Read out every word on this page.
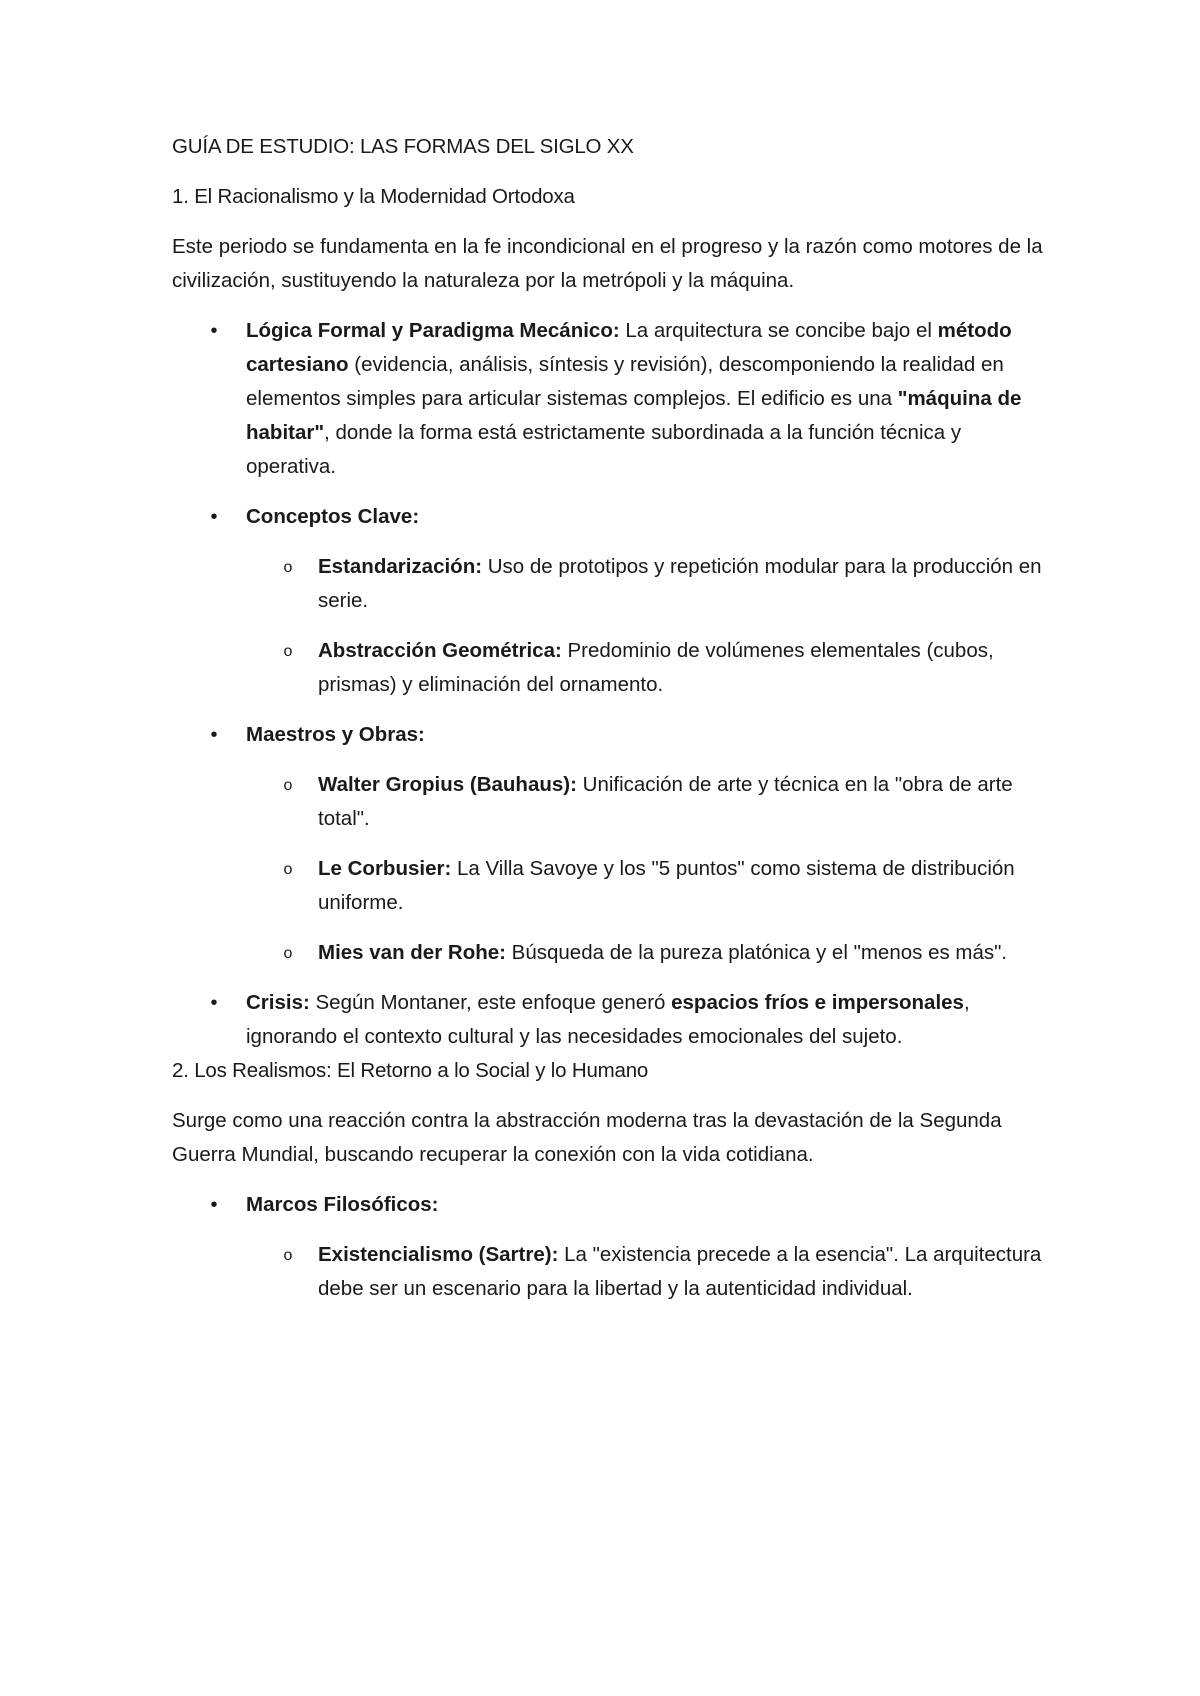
GUÍA DE ESTUDIO: LAS FORMAS DEL SIGLO XX

1. El Racionalismo y la Modernidad Ortodoxa

Este periodo se fundamenta en la fe incondicional en el progreso y la razón como motores de la civilización, sustituyendo la naturaleza por la metrópoli y la máquina.

•	Lógica Formal y Paradigma Mecánico: La arquitectura se concibe bajo el método cartesiano (evidencia, análisis, síntesis y revisión), descomponiendo la realidad en elementos simples para articular sistemas complejos. El edificio es una "máquina de habitar", donde la forma está estrictamente subordinada a la función técnica y operativa.
•	Conceptos Clave:
o Estandarización: Uso de prototipos y repetición modular para la producción en serie.
o Abstracción Geométrica: Predominio de volúmenes elementales (cubos, prismas) y eliminación del ornamento.
•	Maestros y Obras:
o Walter Gropius (Bauhaus): Unificación de arte y técnica en la "obra de arte total".
o Le Corbusier: La Villa Savoye y los "5 puntos" como sistema de distribución uniforme.
o Mies van der Rohe: Búsqueda de la pureza platónica y el "menos es más".
•	Crisis: Según Montaner, este enfoque generó espacios fríos e impersonales, ignorando el contexto cultural y las necesidades emocionales del sujeto.

2. Los Realismos: El Retorno a lo Social y lo Humano

Surge como una reacción contra la abstracción moderna tras la devastación de la Segunda Guerra Mundial, buscando recuperar la conexión con la vida cotidiana.

•	Marcos Filosóficos:
o Existencialismo (Sartre): La "existencia precede a la esencia". La arquitectura debe ser un escenario para la libertad y la autenticidad individual.
